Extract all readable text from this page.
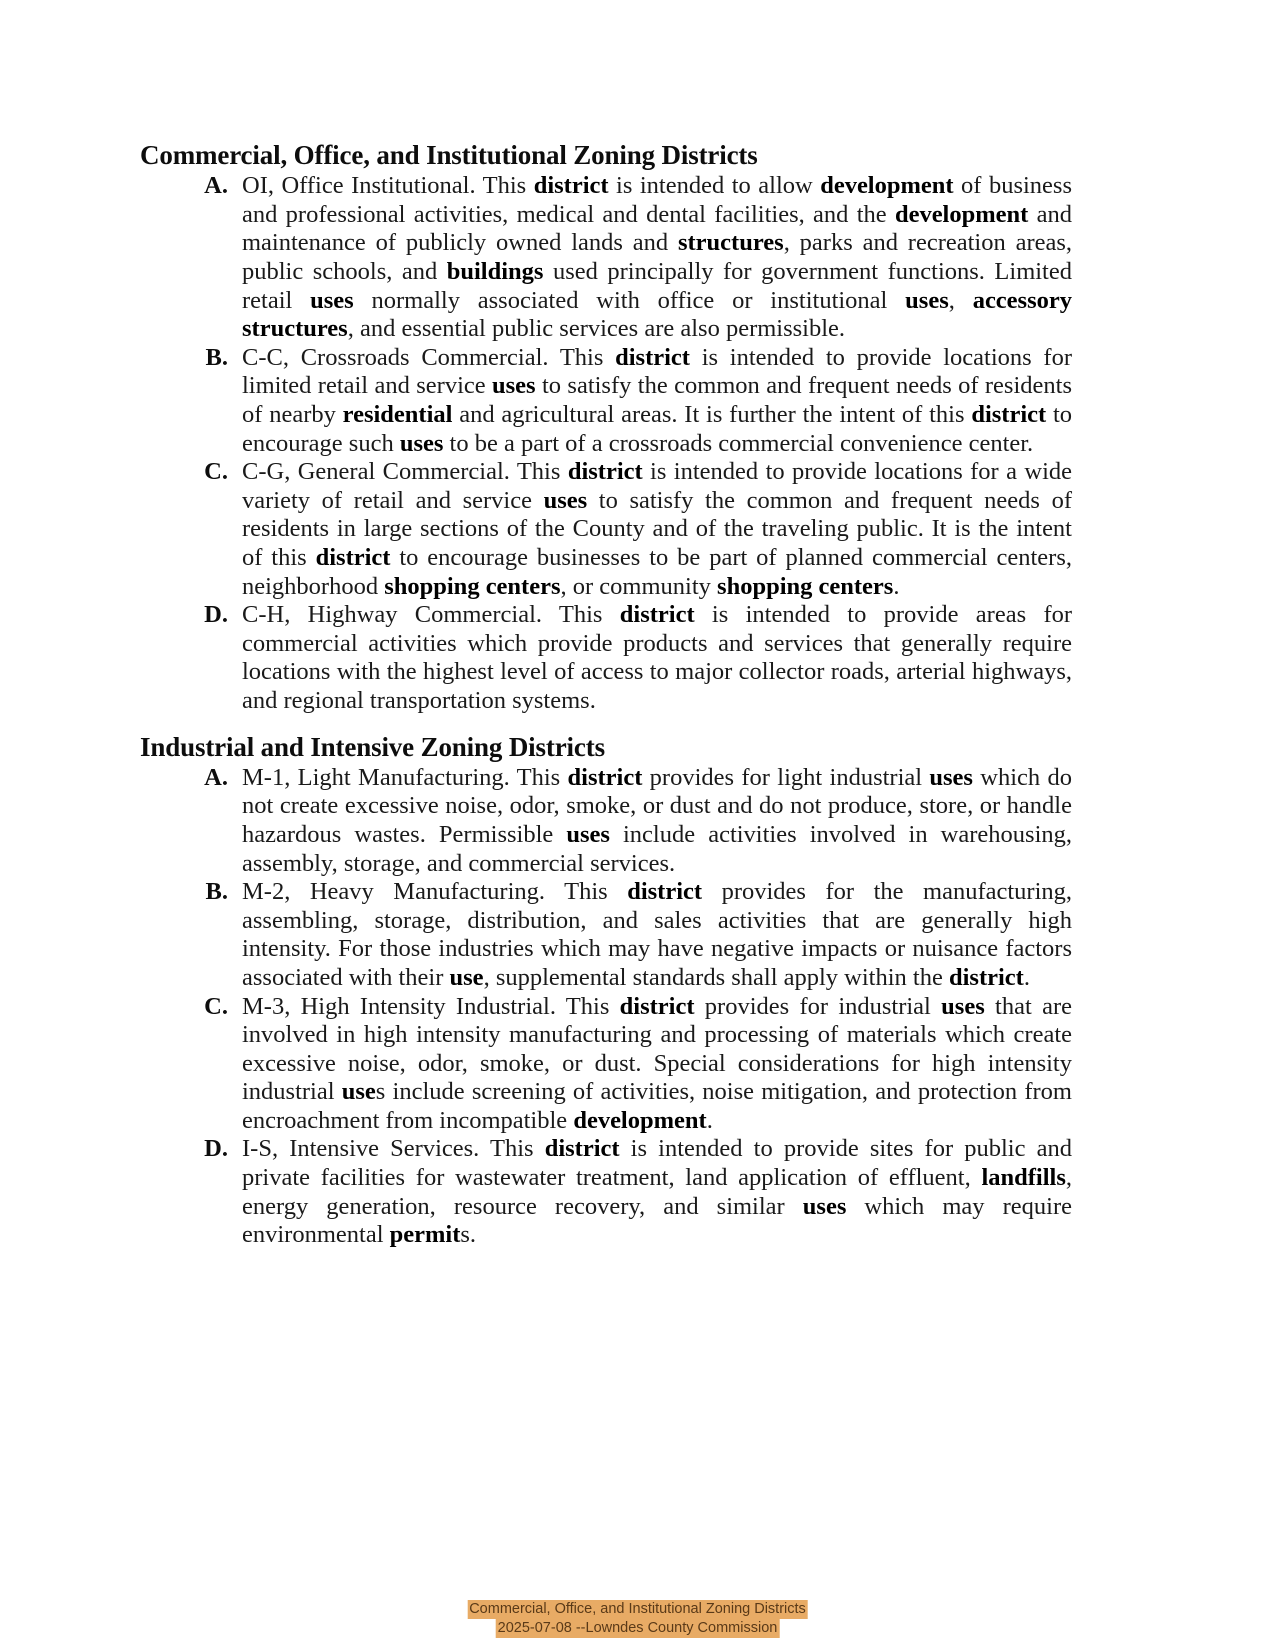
Commercial, Office, and Institutional Zoning Districts
A. OI, Office Institutional. This district is intended to allow development of business and professional activities, medical and dental facilities, and the development and maintenance of publicly owned lands and structures, parks and recreation areas, public schools, and buildings used principally for government functions. Limited retail uses normally associated with office or institutional uses, accessory structures, and essential public services are also permissible.
B. C-C, Crossroads Commercial. This district is intended to provide locations for limited retail and service uses to satisfy the common and frequent needs of residents of nearby residential and agricultural areas. It is further the intent of this district to encourage such uses to be a part of a crossroads commercial convenience center.
C. C-G, General Commercial. This district is intended to provide locations for a wide variety of retail and service uses to satisfy the common and frequent needs of residents in large sections of the County and of the traveling public. It is the intent of this district to encourage businesses to be part of planned commercial centers, neighborhood shopping centers, or community shopping centers.
D. C-H, Highway Commercial. This district is intended to provide areas for commercial activities which provide products and services that generally require locations with the highest level of access to major collector roads, arterial highways, and regional transportation systems.
Industrial and Intensive Zoning Districts
A. M-1, Light Manufacturing. This district provides for light industrial uses which do not create excessive noise, odor, smoke, or dust and do not produce, store, or handle hazardous wastes. Permissible uses include activities involved in warehousing, assembly, storage, and commercial services.
B. M-2, Heavy Manufacturing. This district provides for the manufacturing, assembling, storage, distribution, and sales activities that are generally high intensity. For those industries which may have negative impacts or nuisance factors associated with their use, supplemental standards shall apply within the district.
C. M-3, High Intensity Industrial. This district provides for industrial uses that are involved in high intensity manufacturing and processing of materials which create excessive noise, odor, smoke, or dust. Special considerations for high intensity industrial uses include screening of activities, noise mitigation, and protection from encroachment from incompatible development.
D. I-S, Intensive Services. This district is intended to provide sites for public and private facilities for wastewater treatment, land application of effluent, landfills, energy generation, resource recovery, and similar uses which may require environmental permits.
Commercial, Office, and Institutional Zoning Districts
2025-07-08 --Lowndes County Commission
